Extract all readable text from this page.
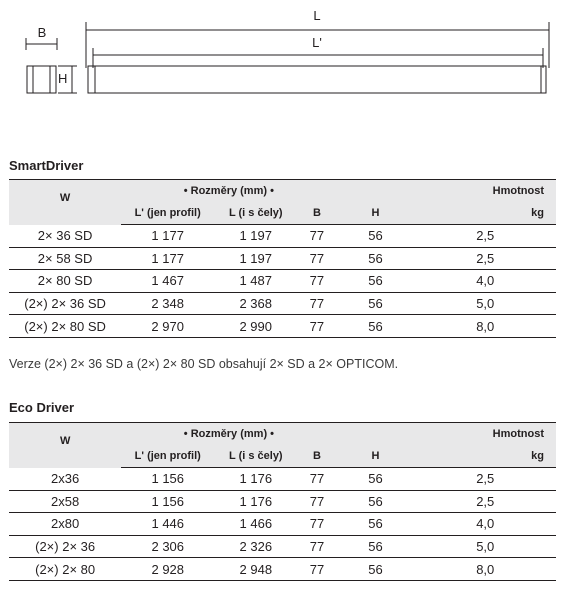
B
H
L
L'
SmartDriver
W	• Rozměry (mm) •				Hmotnost
	L' (jen profil)	L (i s čely)	B	H	kg
2× 36 SD	1 177	1 197	77	56	2,5
2× 58 SD	1 177	1 197	77	56	2,5
2× 80 SD	1 467	1 487	77	56	4,0
(2×) 2× 36 SD	2 348	2 368	77	56	5,0
(2×) 2× 80 SD	2 970	2 990	77	56	8,0
Verze (2×) 2× 36 SD a (2×) 2× 80 SD obsahují 2× SD a 2× OPTICOM.
Eco Driver
W	• Rozměry (mm) •				Hmotnost
	L' (jen profil)	L (i s čely)	B	H	kg
2x36	1 156	1 176	77	56	2,5
2x58	1 156	1 176	77	56	2,5
2x80	1 446	1 466	77	56	4,0
(2×) 2× 36	2 306	2 326	77	56	5,0
(2×) 2× 80	2 928	2 948	77	56	8,0
